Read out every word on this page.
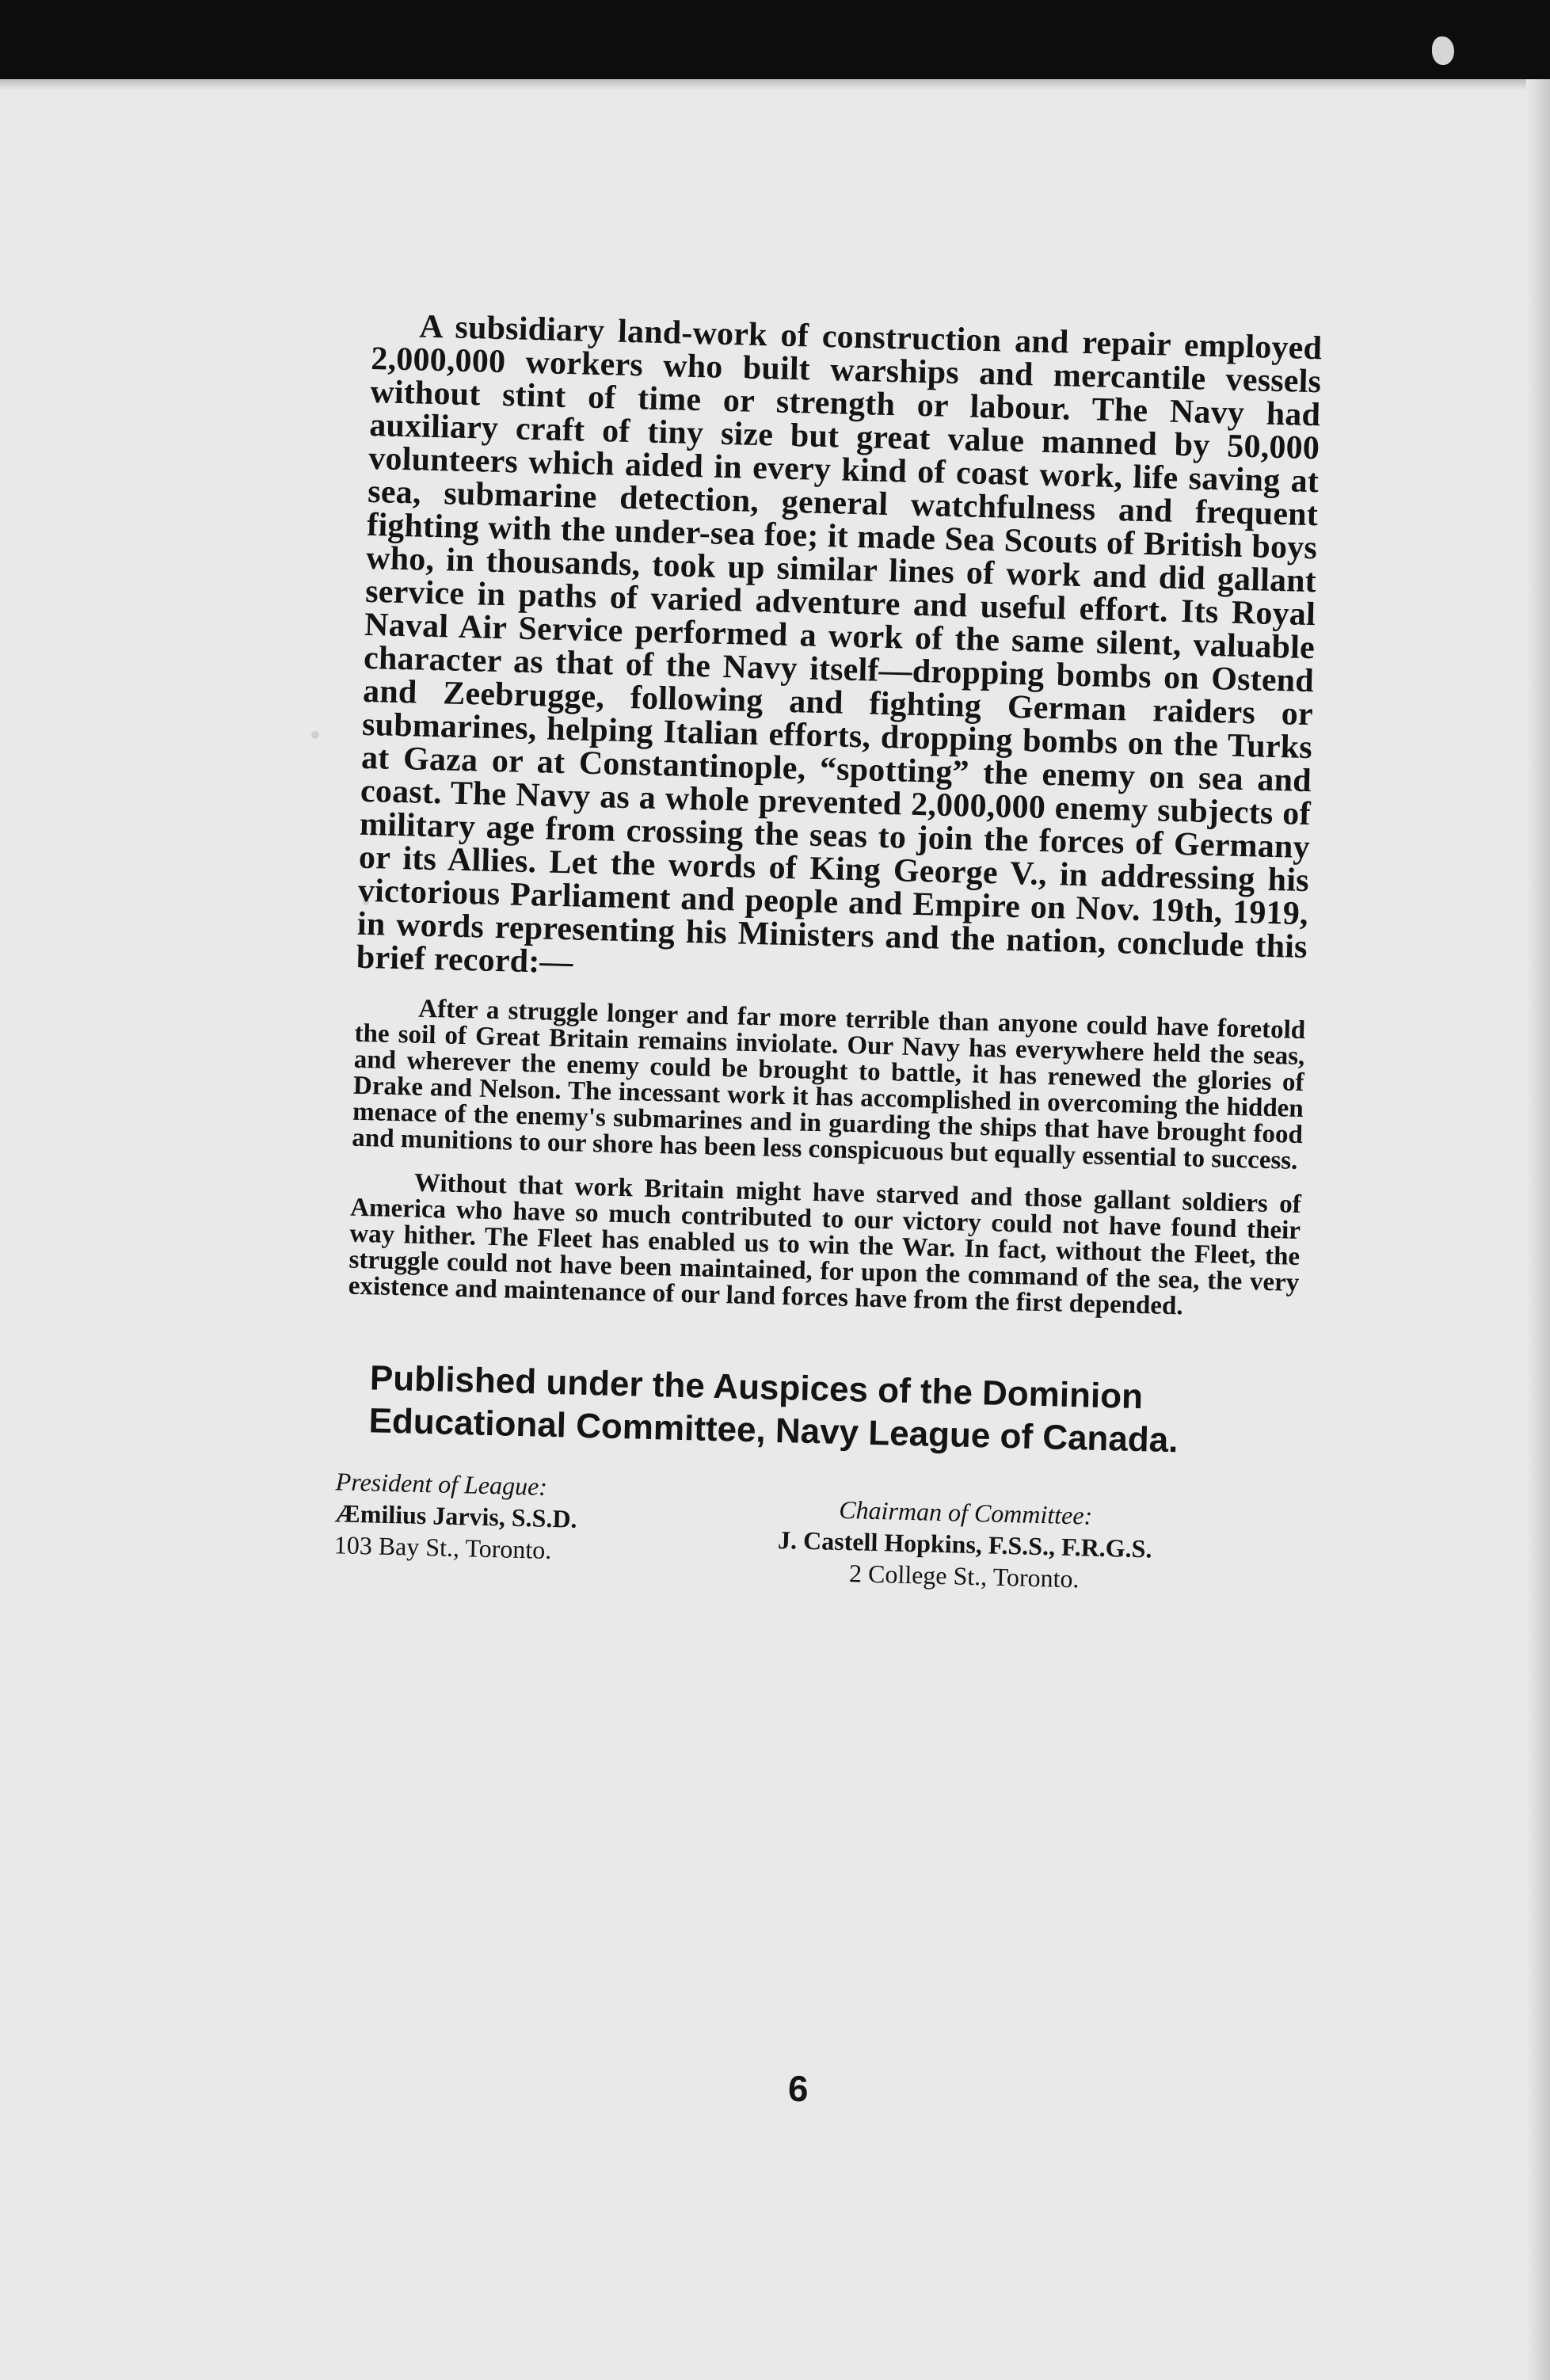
A subsidiary land-work of construction and repair employed 2,000,000 workers who built warships and mercantile vessels without stint of time or strength or labour. The Navy had auxiliary craft of tiny size but great value manned by 50,000 volunteers which aided in every kind of coast work, life saving at sea, submarine detection, general watchfulness and frequent fighting with the under-sea foe; it made Sea Scouts of British boys who, in thousands, took up similar lines of work and did gallant service in paths of varied adventure and useful effort. Its Royal Naval Air Service performed a work of the same silent, valuable character as that of the Navy itself—dropping bombs on Ostend and Zeebrugge, following and fighting German raiders or submarines, helping Italian efforts, dropping bombs on the Turks at Gaza or at Constantinople, “spotting” the enemy on sea and coast. The Navy as a whole prevented 2,000,000 enemy subjects of military age from crossing the seas to join the forces of Germany or its Allies. Let the words of King George V., in addressing his victorious Parliament and people and Empire on Nov. 19th, 1919, in words representing his Ministers and the nation, conclude this brief record:—

After a struggle longer and far more terrible than anyone could have foretold the soil of Great Britain remains inviolate. Our Navy has everywhere held the seas, and wherever the enemy could be brought to battle, it has renewed the glories of Drake and Nelson. The incessant work it has accomplished in overcoming the hidden menace of the enemy's submarines and in guarding the ships that have brought food and munitions to our shore has been less conspicuous but equally essential to success.

Without that work Britain might have starved and those gallant soldiers of America who have so much contributed to our victory could not have found their way hither. The Fleet has enabled us to win the War. In fact, without the Fleet, the struggle could not have been maintained, for upon the command of the sea, the very existence and maintenance of our land forces have from the first depended.

Published under the Auspices of the Dominion Educational Committee, Navy League of Canada.
President of League:
Æmilius Jarvis, S.S.D.
103 Bay St., Toronto.
Chairman of Committee:
J. Castell Hopkins, F.S.S., F.R.G.S.
2 College St., Toronto.
6
